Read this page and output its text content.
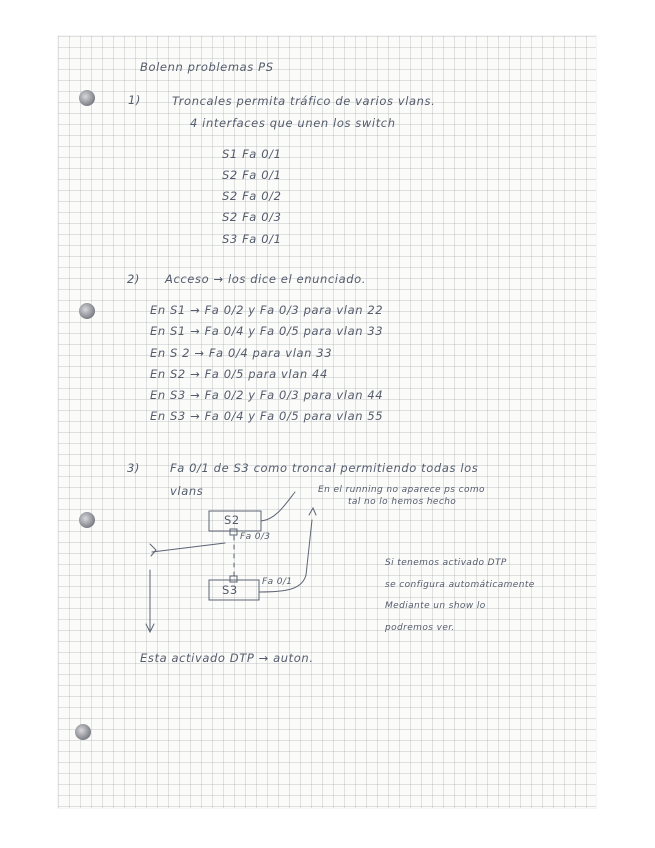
Bolenn problemas PS
1)	Troncales permita tráfico de varios vlans.
4 interfaces que unen los switch
S1 Fa 0/1
S2 Fa 0/1
S2 Fa 0/2
S2 Fa 0/3
S3 Fa 0/1
2) Acceso → los dice el enunciado.
En S1 → Fa 0/2 y Fa 0/3 para vlan 22
En S1 → Fa 0/4 y Fa 0/5 para vlan 33
En S 2 → Fa 0/4 para vlan 33
En S2 → Fa 0/5 para vlan 44
En S3 → Fa 0/2 y Fa 0/3 para vlan 44
En S3 → Fa 0/4 y Fa 0/5 para vlan 55
3)	Fa 0/1 de S3 como troncal permitiendo todas los
vlans	En el running no aparece ps como
tal no lo hemos hecho
S2
Fa 0/3
S3
Fa 0/1
Si tenemos activado DTP
se configura automáticamente
Mediante un show lo
podremos ver.
Esta activado DTP → auton.
